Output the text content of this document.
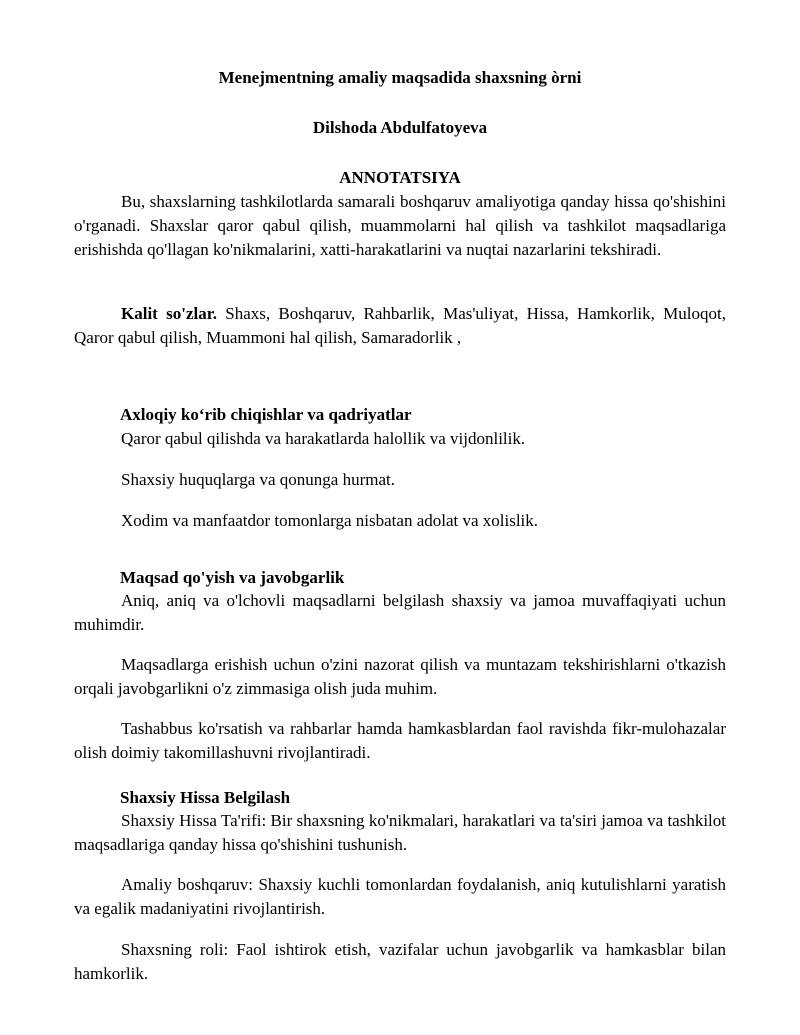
Menejmentning amaliy maqsadida shaxsning òrni
Dilshoda Abdulfatoyeva
ANNOTATSIYA
Bu, shaxslarning tashkilotlarda samarali boshqaruv amaliyotiga qanday hissa qo'shishini o'rganadi. Shaxslar qaror qabul qilish, muammolarni hal qilish va tashkilot maqsadlariga erishishda qo'llagan ko'nikmalarini, xatti-harakatlarini va nuqtai nazarlarini tekshiradi.
Kalit so'zlar. Shaxs, Boshqaruv, Rahbarlik, Mas'uliyat, Hissa, Hamkorlik, Muloqot, Qaror qabul qilish, Muammoni hal qilish, Samaradorlik ,
Axloqiy ko‘rib chiqishlar va qadriyatlar
Qaror qabul qilishda va harakatlarda halollik va vijdonlilik.
Shaxsiy huquqlarga va qonunga hurmat.
Xodim va manfaatdor tomonlarga nisbatan adolat va xolislik.
Maqsad qo'yish va javobgarlik
Aniq, aniq va o'lchovli maqsadlarni belgilash shaxsiy va jamoa muvaffaqiyati uchun muhimdir.
Maqsadlarga erishish uchun o'zini nazorat qilish va muntazam tekshirishlarni o'tkazish orqali javobgarlikni o'z zimmasiga olish juda muhim.
Tashabbus ko'rsatish va rahbarlar hamda hamkasblardan faol ravishda fikr-mulohazalar olish doimiy takomillashuvni rivojlantiradi.
Shaxsiy Hissa Belgilash
Shaxsiy Hissa Ta'rifi: Bir shaxsning ko'nikmalari, harakatlari va ta'siri jamoa va tashkilot maqsadlariga qanday hissa qo'shishini tushunish.
Amaliy boshqaruv: Shaxsiy kuchli tomonlardan foydalanish, aniq kutulishlarni yaratish va egalik madaniyatini rivojlantirish.
Shaxsning roli: Faol ishtirok etish, vazifalar uchun javobgarlik va hamkasblar bilan hamkorlik.
